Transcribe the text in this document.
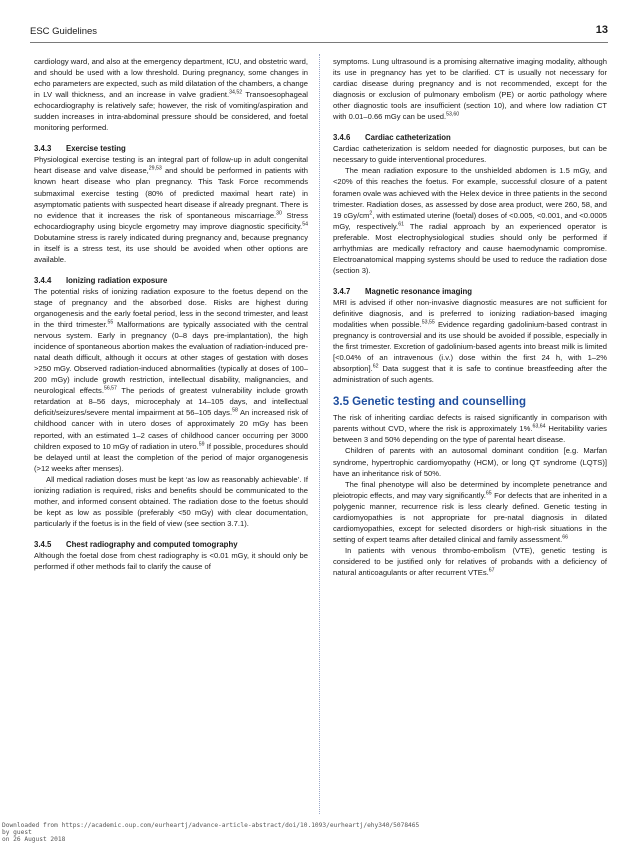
ESC Guidelines	13

cardiology ward, and also at the emergency department, ICU, and obstetric ward, and should be used with a low threshold. During pregnancy, some changes in echo parameters are expected, such as mild dilatation of the chambers, a change in LV wall thickness, and an increase in valve gradient.$^{34,52}$ Transoesophageal echocardiography is relatively safe; however, the risk of vomiting/aspiration and sudden increases in intra-abdominal pressure should be considered, and foetal monitoring performed.

3.4.3 Exercise testing

Physiological exercise testing is an integral part of follow-up in adult congenital heart disease and valve disease,$^{29,53}$ and should be performed in patients with known heart disease who plan pregnancy. This Task Force recommends submaximal exercise testing (80% of predicted maximal heart rate) in asymptomatic patients with suspected heart disease if already pregnant. There is no evidence that it increases the risk of spontaneous miscarriage.$^{30}$ Stress echocardiography using bicycle ergometry may improve diagnostic specificity.$^{54}$ Dobutamine stress is rarely indicated during pregnancy and, because pregnancy in itself is a stress test, its use should be avoided when other options are available.

3.4.4 Ionizing radiation exposure

The potential risks of ionizing radiation exposure to the foetus depend on the stage of pregnancy and the absorbed dose. Risks are highest during organogenesis and the early foetal period, less in the second trimester, and least in the third trimester.$^{55}$ Malformations are typically associated with the central nervous system. Early in pregnancy (0–8 days pre-implantation), the high incidence of spontaneous abortion makes the evaluation of radiation-induced pre-natal death difficult, although it occurs at other stages of gestation with doses >250 mGy. Observed radiation-induced abnormalities (typically at doses of 100–200 mGy) include growth restriction, intellectual disability, malignancies, and neurological effects.$^{56,57}$ The periods of greatest vulnerability include growth retardation at 8–56 days, microcephaly at 14–105 days, and intellectual deficit/seizures/severe mental impairment at 56–105 days.$^{58}$ An increased risk of childhood cancer with in utero doses of approximately 20 mGy has been reported, with an estimated 1–2 cases of childhood cancer occurring per 3000 children exposed to 10 mGy of radiation in utero.$^{59}$ If possible, procedures should be delayed until at least the completion of the period of major organogenesis (>12 weeks after menses).

All medical radiation doses must be kept ‘as low as reasonably achievable’. If ionizing radiation is required, risks and benefits should be communicated to the mother, and informed consent obtained. The radiation dose to the foetus should be kept as low as possible (preferably <50 mGy) with clear documentation, particularly if the foetus is in the field of view (see section 3.7.1).

3.4.5 Chest radiography and computed tomography

Although the foetal dose from chest radiography is <0.01 mGy, it should only be performed if other methods fail to clarify the cause of

symptoms. Lung ultrasound is a promising alternative imaging modality, although its use in pregnancy has yet to be clarified. CT is usually not necessary for cardiac disease during pregnancy and is not recommended, except for the diagnosis or exclusion of pulmonary embolism (PE) or aortic pathology where other diagnostic tools are insufficient (section 10), and where low radiation CT with 0.01–0.66 mGy can be used.$^{53,60}$

3.4.6 Cardiac catheterization

Cardiac catheterization is seldom needed for diagnostic purposes, but can be necessary to guide interventional procedures.

The mean radiation exposure to the unshielded abdomen is 1.5 mGy, and <20% of this reaches the foetus. For example, successful closure of a patent foramen ovale was achieved with the Helex device in three patients in the second trimester. Radiation doses, as assessed by dose area product, were 260, 58, and 19 cGy/$cm^2$, with estimated uterine (foetal) doses of <0.005, <0.001, and <0.0005 mGy, respectively.$^{61}$ The radial approach by an experienced operator is preferable. Most electrophysiological studies should only be performed if arrhythmias are medically refractory and cause haemodynamic compromise. Electroanatomical mapping systems should be used to reduce the radiation dose (section 3).

3.4.7 Magnetic resonance imaging

MRI is advised if other non-invasive diagnostic measures are not sufficient for definitive diagnosis, and is preferred to ionizing radiation-based imaging modalities when possible.$^{53,55}$ Evidence regarding gadolinium-based contrast in pregnancy is controversial and its use should be avoided if possible, especially in the first trimester. Excretion of gadolinium-based agents into breast milk is limited [<0.04% of an intravenous (i.v.) dose within the first 24 h, with 1–2% absorption].$^{62}$ Data suggest that it is safe to continue breastfeeding after the administration of such agents.

3.5 Genetic testing and counselling

The risk of inheriting cardiac defects is raised significantly in comparison with parents without CVD, where the risk is approximately 1%.$^{63,64}$ Heritability varies between 3 and 50% depending on the type of parental heart disease.

Children of parents with an autosomal dominant condition [e.g. Marfan syndrome, hypertrophic cardiomyopathy (HCM), or long QT syndrome (LQTS)] have an inheritance risk of 50%.

The final phenotype will also be determined by incomplete penetrance and pleiotropic effects, and may vary significantly.$^{65}$ For defects that are inherited in a polygenic manner, recurrence risk is less clearly defined. Genetic testing in cardiomyopathies is not appropriate for pre-natal diagnosis in dilated cardiomyopathies, except for selected disorders or high-risk situations in the setting of expert teams after detailed clinical and family assessment.$^{66}$

In patients with venous thrombo-embolism (VTE), genetic testing is considered to be justified only for relatives of probands with a deficiency of natural anticoagulants or after recurrent VTEs.$^{67}$

Downloaded from https://academic.oup.com/eurheartj/advance-article-abstract/doi/10.1093/eurheartj/ehy340/5078465
by guest
on 26 August 2018
